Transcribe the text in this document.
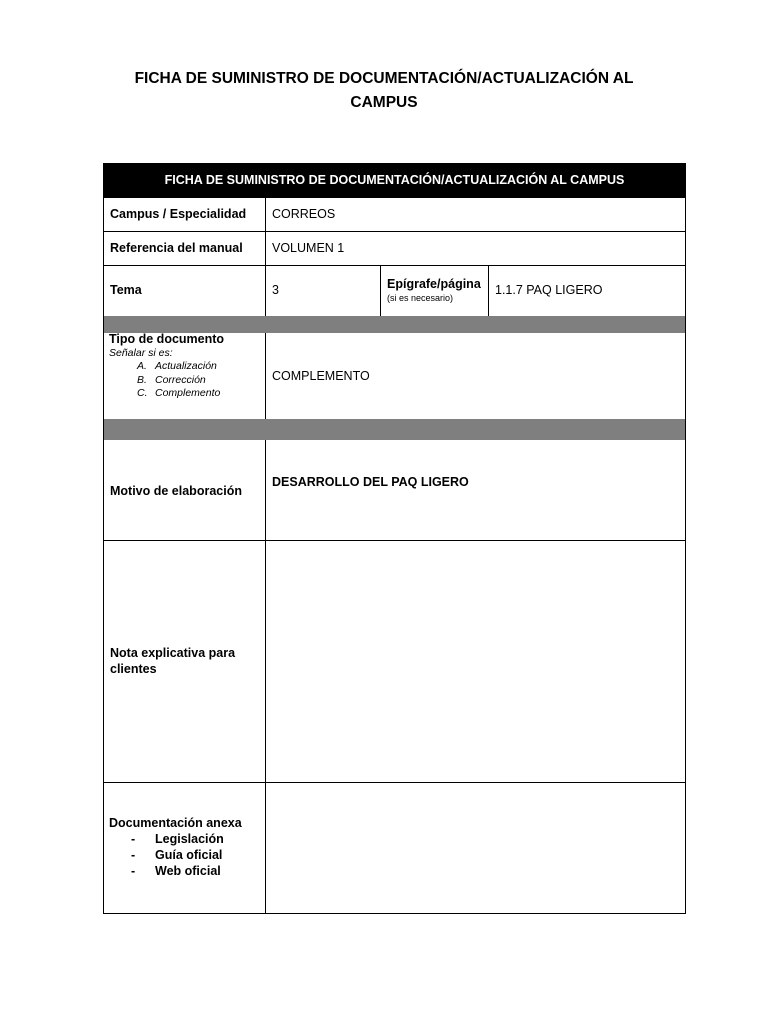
FICHA DE SUMINISTRO DE DOCUMENTACIÓN/ACTUALIZACIÓN AL CAMPUS
FICHA DE SUMINISTRO DE DOCUMENTACIÓN/ACTUALIZACIÓN AL CAMPUS
Campus / Especialidad CORREOS
Referencia del manual VOLUMEN 1
Tema	3	Epígrafe/página
(si es necesario)
1.1.7 PAQ LIGERO
Tipo de documento
Señalar si es:
A. Actualización
B. Corrección
C. Complemento
COMPLEMENTO
Motivo de elaboración
DESARROLLO DEL PAQ LIGERO
Nota explicativa para clientes
Documentación anexa
- Legislación
- Guía oficial
- Web oficial
